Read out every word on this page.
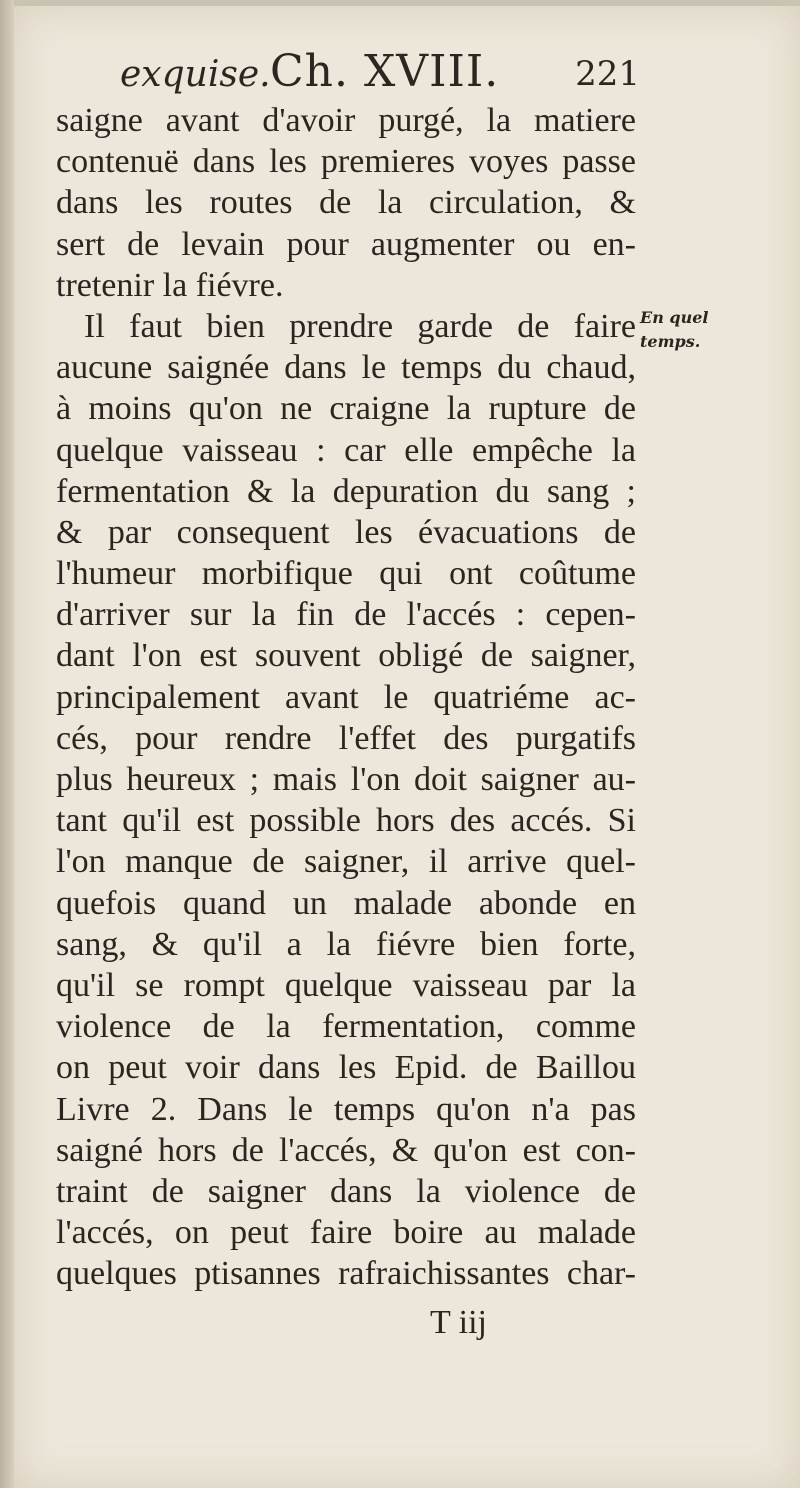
exquise. Ch. XVIII. 221
saigne avant d'avoir purgé, la matiere
contenuë dans les premieres voyes passe
dans les routes de la circulation, &
sert de levain pour augmenter ou en-
tretenir la fiévre.
Il faut bien prendre garde de faire
aucune saignée dans le temps du chaud,
à moins qu'on ne craigne la rupture de
quelque vaisseau : car elle empêche la
fermentation & la depuration du sang ;
& par consequent les évacuations de
l'humeur morbifique qui ont coûtume
d'arriver sur la fin de l'accés : cepen-
dant l'on est souvent obligé de saigner,
principalement avant le quatriéme ac-
cés, pour rendre l'effet des purgatifs
plus heureux ; mais l'on doit saigner au-
tant qu'il est possible hors des accés. Si
l'on manque de saigner, il arrive quel-
quefois quand un malade abonde en
sang, & qu'il a la fiévre bien forte,
qu'il se rompt quelque vaisseau par la
violence de la fermentation, comme
on peut voir dans les Epid. de Baillou
Livre 2. Dans le temps qu'on n'a pas
saigné hors de l'accés, & qu'on est con-
traint de saigner dans la violence de
l'accés, on peut faire boire au malade
quelques ptisannes rafraichissantes char-
En quel
temps.
T iij
